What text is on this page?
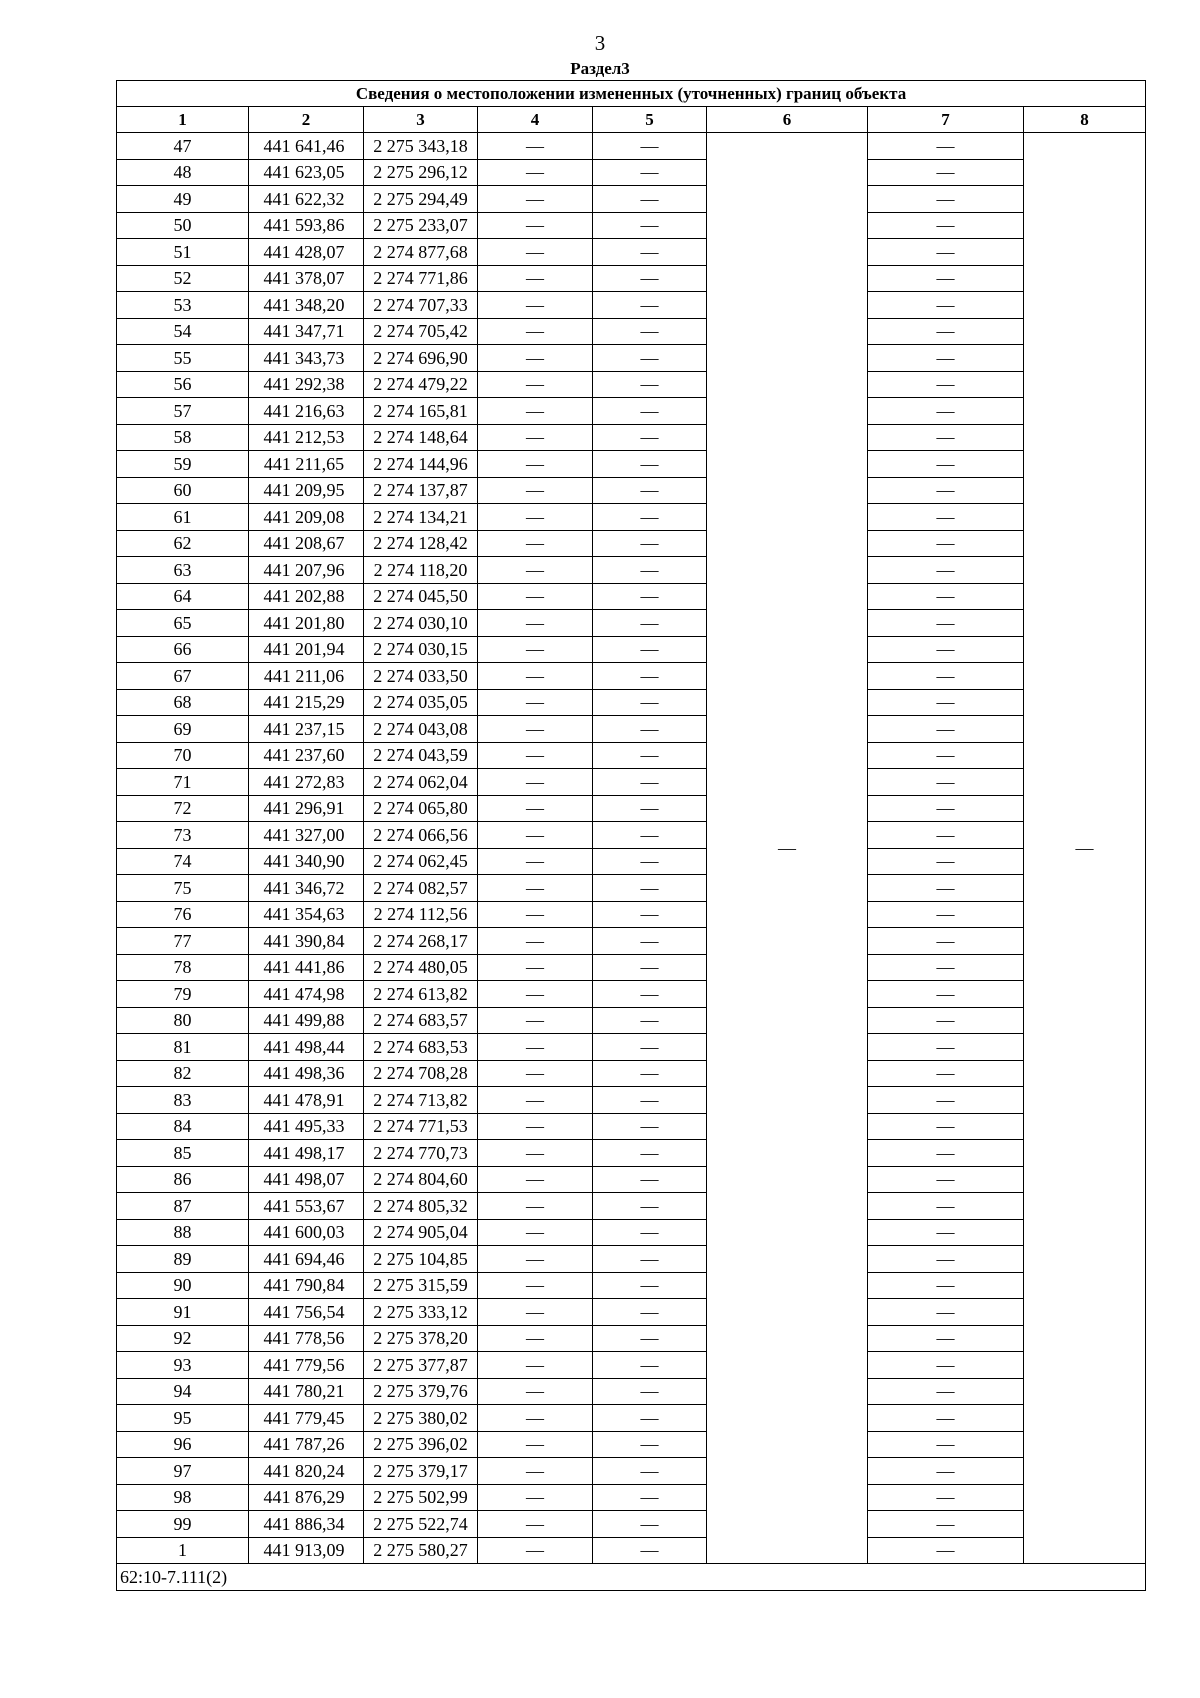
3
Раздел3
Сведения о местоположении измененных (уточненных) границ объекта							
1	2	3	4	5	6	7	8
47	441 641,46	2 275 343,18	—	—	—	—	—
48	441 623,05	2 275 296,12	—	—		—	
49	441 622,32	2 275 294,49	—	—		—	
50	441 593,86	2 275 233,07	—	—		—	
51	441 428,07	2 274 877,68	—	—		—	
52	441 378,07	2 274 771,86	—	—		—	
53	441 348,20	2 274 707,33	—	—		—	
54	441 347,71	2 274 705,42	—	—		—	
55	441 343,73	2 274 696,90	—	—		—	
56	441 292,38	2 274 479,22	—	—		—	
57	441 216,63	2 274 165,81	—	—		—	
58	441 212,53	2 274 148,64	—	—		—	
59	441 211,65	2 274 144,96	—	—		—	
60	441 209,95	2 274 137,87	—	—		—	
61	441 209,08	2 274 134,21	—	—		—	
62	441 208,67	2 274 128,42	—	—		—	
63	441 207,96	2 274 118,20	—	—		—	
64	441 202,88	2 274 045,50	—	—		—	
65	441 201,80	2 274 030,10	—	—		—	
66	441 201,94	2 274 030,15	—	—		—	
67	441 211,06	2 274 033,50	—	—		—	
68	441 215,29	2 274 035,05	—	—		—	
69	441 237,15	2 274 043,08	—	—		—	
70	441 237,60	2 274 043,59	—	—		—	
71	441 272,83	2 274 062,04	—	—		—	
72	441 296,91	2 274 065,80	—	—		—	
73	441 327,00	2 274 066,56	—	—		—	
74	441 340,90	2 274 062,45	—	—		—	
75	441 346,72	2 274 082,57	—	—		—	
76	441 354,63	2 274 112,56	—	—		—	
77	441 390,84	2 274 268,17	—	—		—	
78	441 441,86	2 274 480,05	—	—		—	
79	441 474,98	2 274 613,82	—	—		—	
80	441 499,88	2 274 683,57	—	—		—	
81	441 498,44	2 274 683,53	—	—		—	
82	441 498,36	2 274 708,28	—	—		—	
83	441 478,91	2 274 713,82	—	—		—	
84	441 495,33	2 274 771,53	—	—		—	
85	441 498,17	2 274 770,73	—	—		—	
86	441 498,07	2 274 804,60	—	—		—	
87	441 553,67	2 274 805,32	—	—		—	
88	441 600,03	2 274 905,04	—	—		—	
89	441 694,46	2 275 104,85	—	—		—	
90	441 790,84	2 275 315,59	—	—		—	
91	441 756,54	2 275 333,12	—	—		—	
92	441 778,56	2 275 378,20	—	—		—	
93	441 779,56	2 275 377,87	—	—		—	
94	441 780,21	2 275 379,76	—	—		—	
95	441 779,45	2 275 380,02	—	—		—	
96	441 787,26	2 275 396,02	—	—		—	
97	441 820,24	2 275 379,17	—	—		—	
98	441 876,29	2 275 502,99	—	—		—	
99	441 886,34	2 275 522,74	—	—		—	
1	441 913,09	2 275 580,27	—	—		—	
62:10-7.111(2)							
